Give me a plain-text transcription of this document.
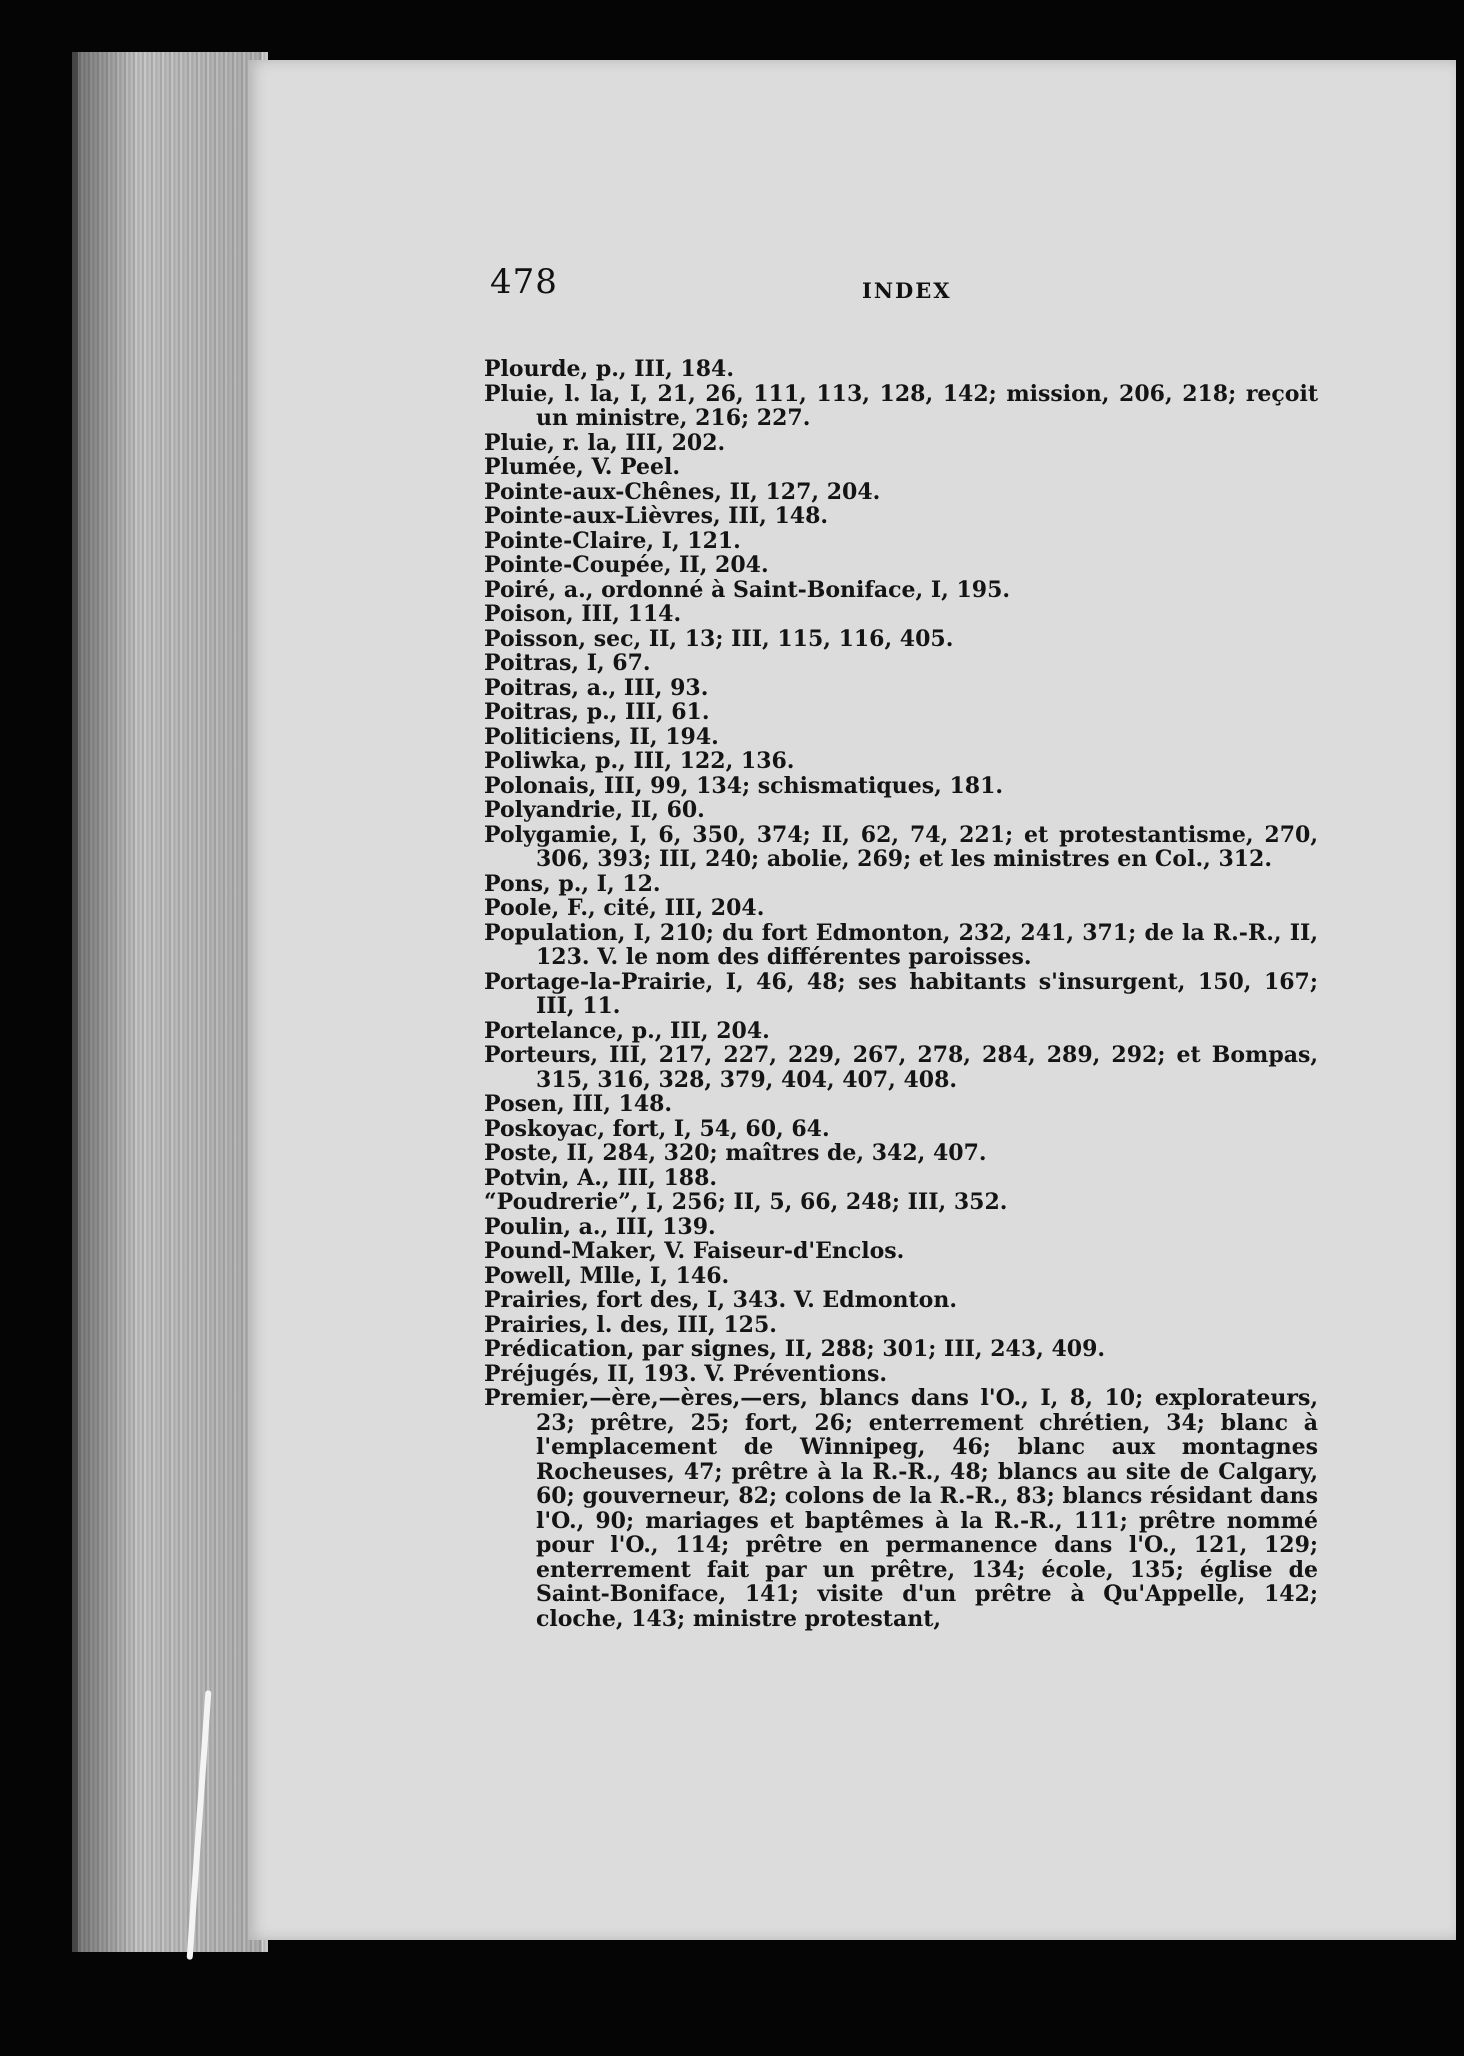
478	INDEX
Plourde, p., III, 184.
Pluie, l. la, I, 21, 26, 111, 113, 128, 142; mission, 206, 218; reçoit un ministre, 216; 227.
Pluie, r. la, III, 202.
Plumée, V. Peel.
Pointe-aux-Chênes, II, 127, 204.
Pointe-aux-Lièvres, III, 148.
Pointe-Claire, I, 121.
Pointe-Coupée, II, 204.
Poiré, a., ordonné à Saint-Boniface, I, 195.
Poison, III, 114.
Poisson, sec, II, 13; III, 115, 116, 405.
Poitras, I, 67.
Poitras, a., III, 93.
Poitras, p., III, 61.
Politiciens, II, 194.
Poliwka, p., III, 122, 136.
Polonais, III, 99, 134; schismatiques, 181.
Polyandrie, II, 60.
Polygamie, I, 6, 350, 374; II, 62, 74, 221; et protestantisme, 270, 306, 393; III, 240; abolie, 269; et les ministres en Col., 312.
Pons, p., I, 12.
Poole, F., cité, III, 204.
Population, I, 210; du fort Edmonton, 232, 241, 371; de la R.-R., II, 123. V. le nom des différentes paroisses.
Portage-la-Prairie, I, 46, 48; ses habitants s'insurgent, 150, 167; III, 11.
Portelance, p., III, 204.
Porteurs, III, 217, 227, 229, 267, 278, 284, 289, 292; et Bompas, 315, 316, 328, 379, 404, 407, 408.
Posen, III, 148.
Poskoyac, fort, I, 54, 60, 64.
Poste, II, 284, 320; maîtres de, 342, 407.
Potvin, A., III, 188.
“Poudrerie”, I, 256; II, 5, 66, 248; III, 352.
Poulin, a., III, 139.
Pound-Maker, V. Faiseur-d'Enclos.
Powell, Mlle, I, 146.
Prairies, fort des, I, 343. V. Edmonton.
Prairies, l. des, III, 125.
Prédication, par signes, II, 288; 301; III, 243, 409.
Préjugés, II, 193. V. Préventions.
Premier,—ère,—ères,—ers, blancs dans l'O., I, 8, 10; explorateurs, 23; prêtre, 25; fort, 26; enterrement chrétien, 34; blanc à l'emplacement de Winnipeg, 46; blanc aux montagnes Rocheuses, 47; prêtre à la R.-R., 48; blancs au site de Calgary, 60; gouverneur, 82; colons de la R.-R., 83; blancs résidant dans l'O., 90; mariages et baptêmes à la R.-R., 111; prêtre nommé pour l'O., 114; prêtre en permanence dans l'O., 121, 129; enterrement fait par un prêtre, 134; école, 135; église de Saint-Boniface, 141; visite d'un prêtre à Qu'Appelle, 142; cloche, 143; ministre protestant,
